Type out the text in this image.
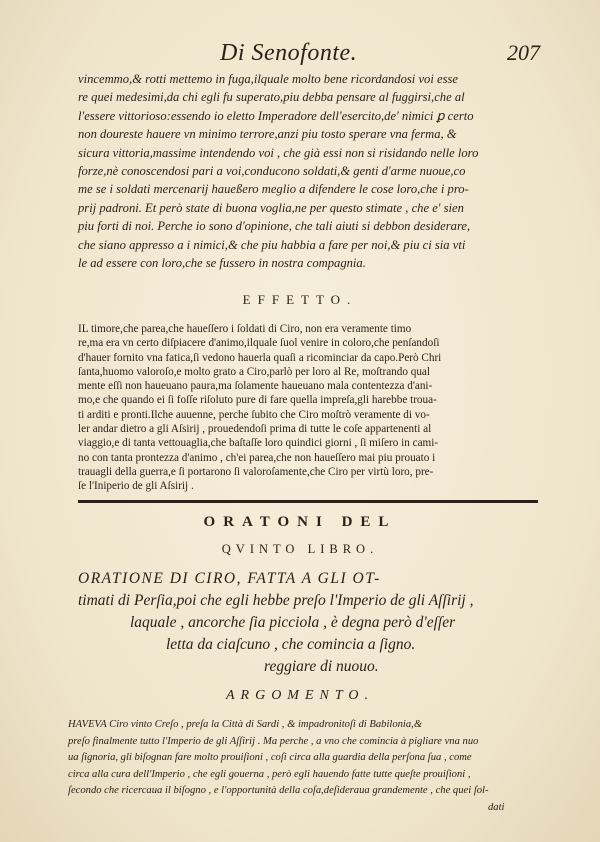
Di Senofonte.	207
vincemmo,& rotti mettemo in fuga,ilquale molto bene ricordandosi voi esse
re quei medesimi,da chi egli fu superato,piu debba pensare al fuggirsi,che al
l'essere vittorioso:essendo io eletto Imperadore dell'esercito,de' nimici ꝑ certo
non doureste hauere vn minimo terrore,anzi piu tosto sperare vna ferma, &
sicura vittoria,massime intendendo voi , che già essi non si risidando nelle loro
forze,nè conoscendosi pari a voi,conducono soldati,& genti d'arme nuoue,co
me se i soldati mercenarij haueßero meglio a difendere le cose loro,che i pro-
prij padroni. Et però state di buona voglia,ne per questo stimate , che e' sien
piu forti di noi. Perche io sono d'opinione, che tali aiuti si debbon desiderare,
che siano appresso a i nimici,& che piu habbia a fare per noi,& piu ci sia vti
le ad essere con loro,che se fussero in nostra compagnia.
EFFETTO.
IL timore,che parea,che haueſſero i ſoldati di Ciro, non era veramente timo
re,ma era vn certo diſpiacere d'animo,ilquale ſuol venire in coloro,che penſandoſi
d'hauer fornito vna fatica,ſi vedono hauerla quaſi a ricominciar da capo.Però Chri
ſanta,huomo valoroſo,e molto grato a Ciro,parlò per loro al Re, moſtrando qual
mente eſſi non haueuano paura,ma ſolamente haueuano mala contentezza d'ani-
mo,e che quando ei ſi foſſe riſoluto pure di fare quella impreſa,gli harebbe troua-
ti arditi e pronti.Ilche auuenne, perche ſubito che Ciro moſtrò veramente di vo-
ler andar dietro a gli Aſsirij , prouedendoſi prima di tutte le coſe appartenenti al
viaggio,e di tanta vettouaglia,che baſtaſſe loro quindici giorni , ſi miſero in cami-
no con tanta prontezza d'animo , ch'ei parea,che non haueſſero mai piu prouato i
trauagli della guerra,e ſi portarono ſi valoroſamente,che Ciro per virtù loro, pre-
ſe l'Iniperio de gli Aſsirij .
ORATONI DEL
QVINTO LIBRO.
ORATIONE DI CIRO, FATTA A GLI OT-
timati di Perſia,poi che egli hebbe preſo l'Imperio de gli Aſſirij ,
laquale , ancorche ſia picciola , è degna però d'eſſer
letta da ciaſcuno , che comincia a ſigno.
reggiare di nuouo.
ARGOMENTO.
HAVEVA Ciro vinto Creſo , preſa la Città di Sardi , & impadronitoſi di Babilonia,&
preſo finalmente tutto l'Imperio de gli Aſſirij . Ma perche , a vno che comincia à pigliare vna nuo
ua ſignoria, gli biſognan fare molto prouiſioni , coſi circa alla guardia della perſona ſua , come
circa alla cura dell'Imperio , che egli gouerna , però egli hauendo fatte tutte queſte prouiſioni ,
ſecondo che ricercaua il biſogno , e l'opportunità della coſa,deſideraua grandemente , che quei ſol-
dati
